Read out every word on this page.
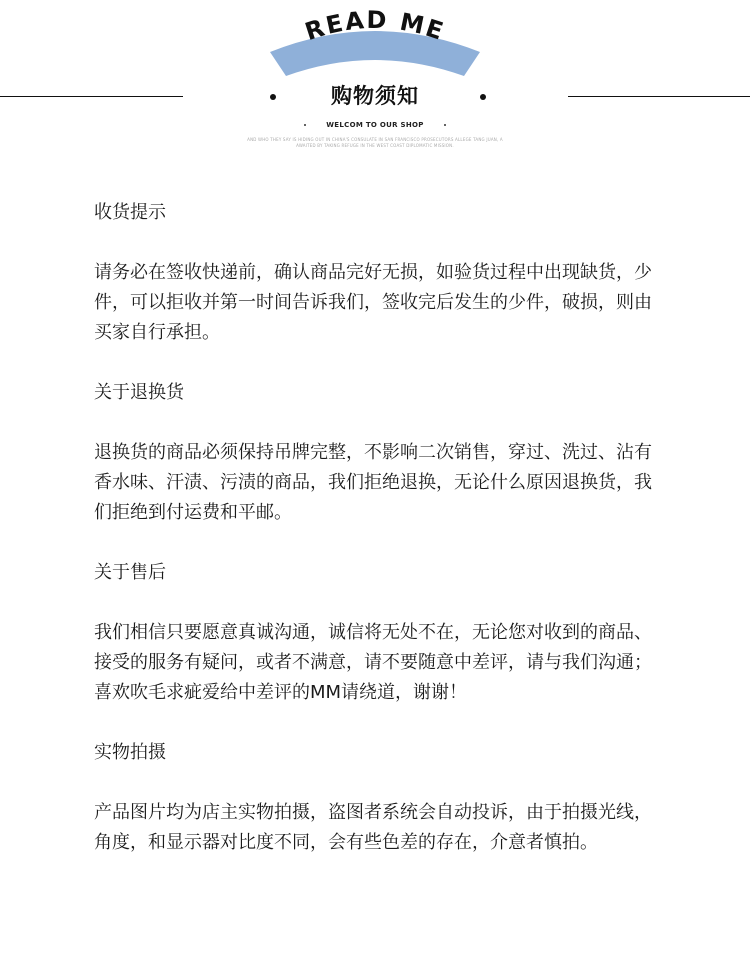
READ ME
购物须知
WELCOM TO OUR SHOP
AND WHO THEY SAY IS HIDING OUT IN CHINA'S CONSULATE IN SAN FRANCISCO PROSECUTORS ALLEGE TANG JUAN, A
AWAITED BY TAKING REFUGE IN THE WEST COAST DIPLOMATIC MISSION.
收货提示
请务必在签收快递前，确认商品完好无损，如验货过程中出现缺货，少件，可以拒收并第一时间告诉我们，签收完后发生的少件，破损，则由买家自行承担。
关于退换货
退换货的商品必须保持吊牌完整，不影响二次销售，穿过、洗过、沾有香水味、汗渍、污渍的商品，我们拒绝退换，无论什么原因退换货，我们拒绝到付运费和平邮。
关于售后
我们相信只要愿意真诚沟通，诚信将无处不在，无论您对收到的商品、接受的服务有疑问，或者不满意，请不要随意中差评，请与我们沟通；喜欢吹毛求疵爱给中差评的MM请绕道，谢谢！
实物拍摄
产品图片均为店主实物拍摄，盗图者系统会自动投诉，由于拍摄光线，角度，和显示器对比度不同，会有些色差的存在，介意者慎拍。
